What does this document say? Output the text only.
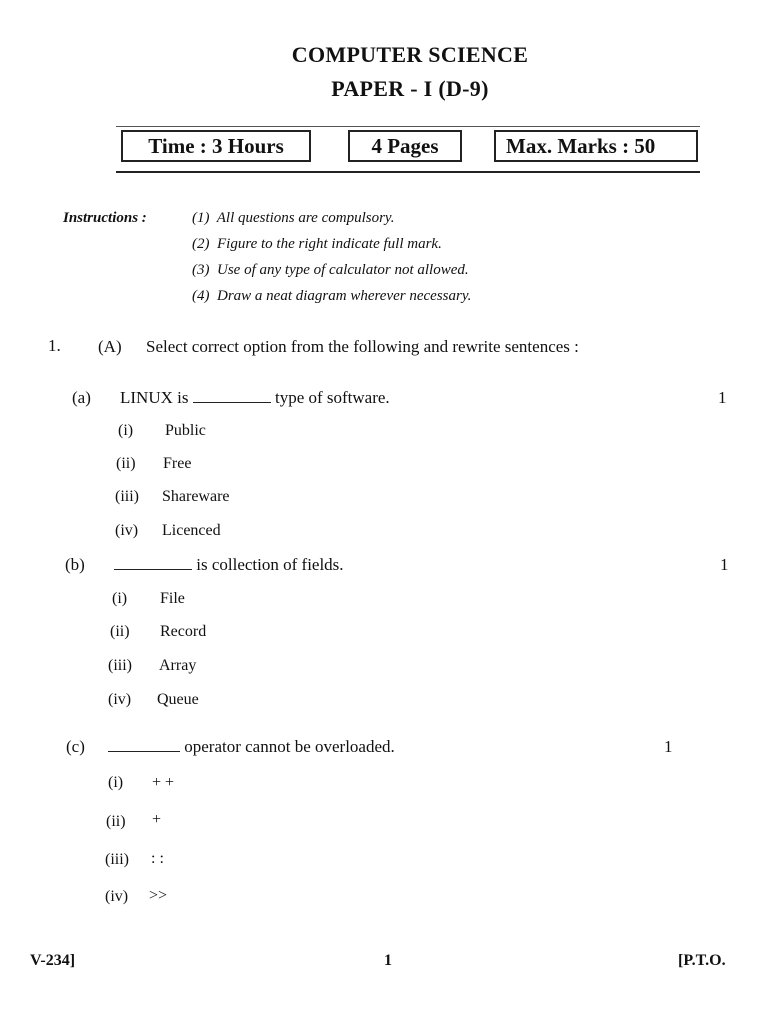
COMPUTER SCIENCE
PAPER - I (D-9)
Time : 3 Hours	4 Pages	Max. Marks : 50
Instructions :	(1) All questions are compulsory.
(2) Figure to the right indicate full mark.
(3) Use of any type of calculator not allowed.
(4) Draw a neat diagram wherever necessary.
1. (A) Select correct option from the following and rewrite sentences :
(a) LINUX is	type of software.	1
(i) Public
(ii) Free
(iii) Shareware
(iv) Licenced
(b)	is collection of fields.	1
(i) File
(ii) Record
(iii) Array
(iv) Queue
(c)	operator cannot be overloaded.	1
(i) + +
(ii) +
(iii) : :
(iv) >>
V-234]	1	[P.T.O.
